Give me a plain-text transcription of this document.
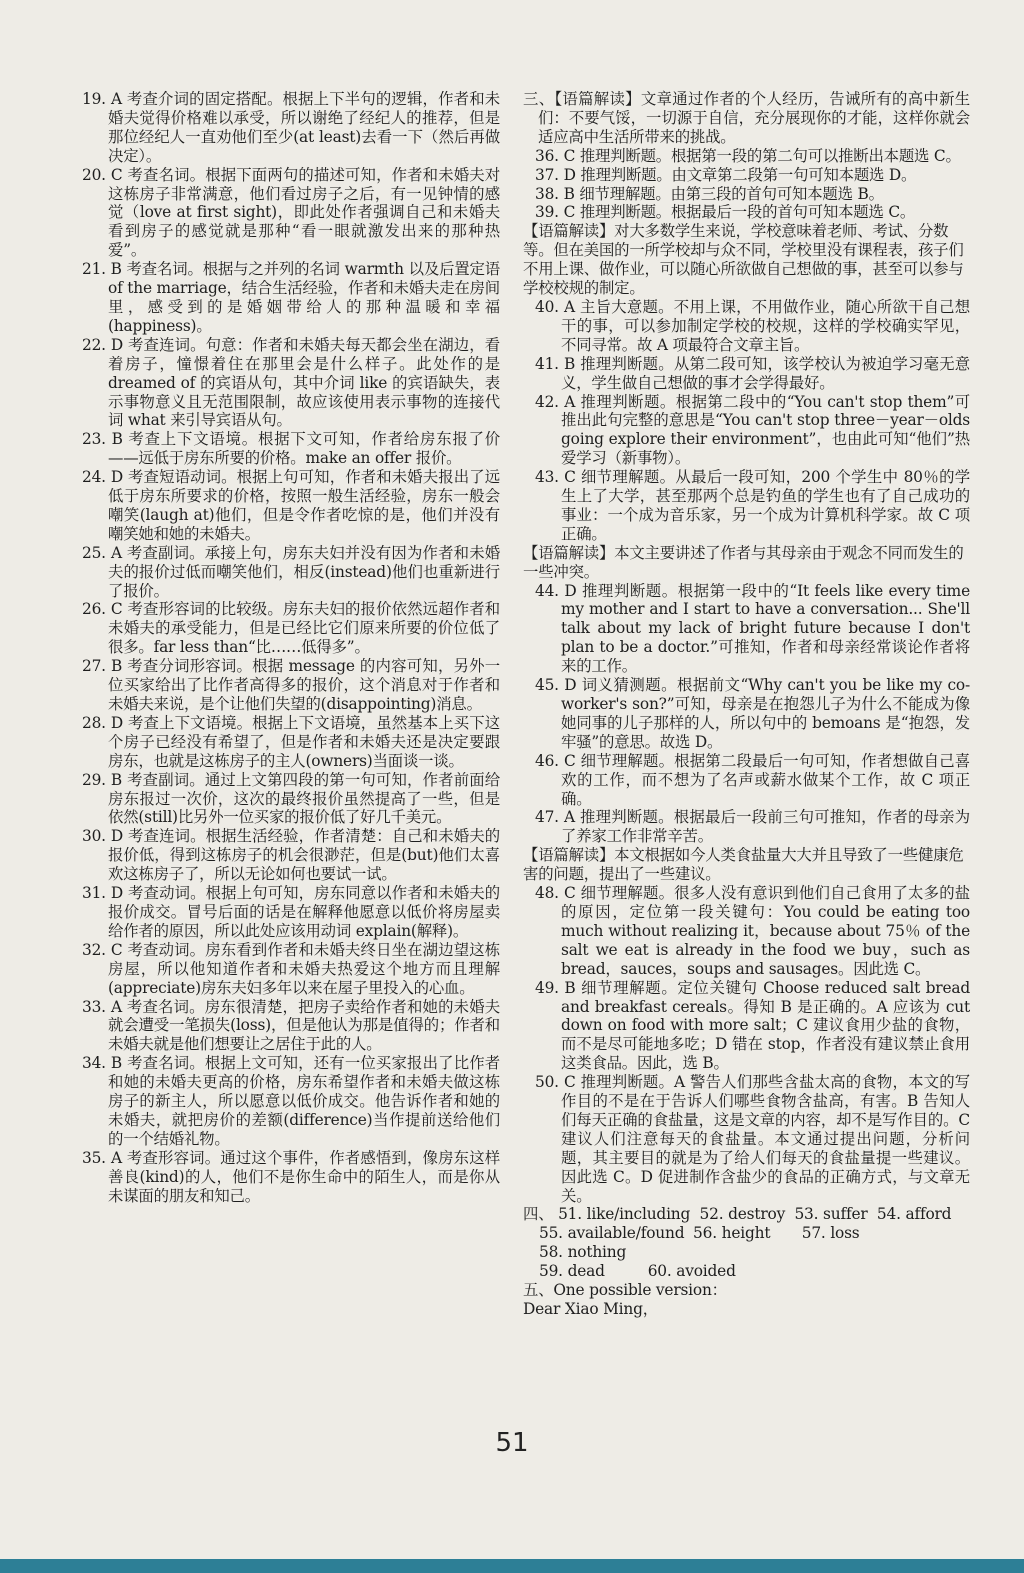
19. A 考查介词的固定搭配。根据上下半句的逻辑，作者和未婚夫觉得价格难以承受，所以谢绝了经纪人的推荐，但是那位经纪人一直劝他们至少(at least)去看一下（然后再做决定）。
20. C 考查名词。根据下面两句的描述可知，作者和未婚夫对这栋房子非常满意，他们看过房子之后，有一见钟情的感觉（love at first sight)，即此处作者强调自己和未婚夫看到房子的感觉就是那种“看一眼就激发出来的那种热爱”。
21. B 考查名词。根据与之并列的名词 warmth 以及后置定语 of the marriage，结合生活经验，作者和未婚夫走在房间里，感受到的是婚姻带给人的那种温暖和幸福(happiness)。
22. D 考查连词。句意：作者和未婚夫每天都会坐在湖边，看着房子，憧憬着住在那里会是什么样子。此处作的是 dreamed of 的宾语从句，其中介词 like 的宾语缺失，表示事物意义且无范围限制，故应该使用表示事物的连接代词 what 来引导宾语从句。
23. B 考查上下文语境。根据下文可知，作者给房东报了价——远低于房东所要的价格。make an offer 报价。
24. D 考查短语动词。根据上句可知，作者和未婚夫报出了远低于房东所要求的价格，按照一般生活经验，房东一般会嘲笑(laugh at)他们，但是令作者吃惊的是，他们并没有嘲笑她和她的未婚夫。
25. A 考查副词。承接上句，房东夫妇并没有因为作者和未婚夫的报价过低而嘲笑他们，相反(instead)他们也重新进行了报价。
26. C 考查形容词的比较级。房东夫妇的报价依然远超作者和未婚夫的承受能力，但是已经比它们原来所要的价位低了很多。far less than“比……低得多”。
27. B 考查分词形容词。根据 message 的内容可知，另外一位买家给出了比作者高得多的报价，这个消息对于作者和未婚夫来说，是个让他们失望的(disappointing)消息。
28. D 考查上下文语境。根据上下文语境，虽然基本上买下这个房子已经没有希望了，但是作者和未婚夫还是决定要跟房东，也就是这栋房子的主人(owners)当面谈一谈。
29. B 考查副词。通过上文第四段的第一句可知，作者前面给房东报过一次价，这次的最终报价虽然提高了一些，但是依然(still)比另外一位买家的报价低了好几千美元。
30. D 考查连词。根据生活经验，作者清楚：自己和未婚夫的报价低，得到这栋房子的机会很渺茫，但是(but)他们太喜欢这栋房子了，所以无论如何也要试一试。
31. D 考查动词。根据上句可知，房东同意以作者和未婚夫的报价成交。冒号后面的话是在解释他愿意以低价将房屋卖给作者的原因，所以此处应该用动词 explain(解释)。
32. C 考查动词。房东看到作者和未婚夫终日坐在湖边望这栋房屋，所以他知道作者和未婚夫热爱这个地方而且理解(appreciate)房东夫妇多年以来在屋子里投入的心血。
33. A 考查名词。房东很清楚，把房子卖给作者和她的未婚夫就会遭受一笔损失(loss)，但是他认为那是值得的；作者和未婚夫就是他们想要让之居住于此的人。
34. B 考查名词。根据上文可知，还有一位买家报出了比作者和她的未婚夫更高的价格，房东希望作者和未婚夫做这栋房子的新主人，所以愿意以低价成交。他告诉作者和她的未婚夫，就把房价的差额(difference)当作提前送给他们的一个结婚礼物。
35. A 考查形容词。通过这个事件，作者感悟到，像房东这样善良(kind)的人，他们不是你生命中的陌生人，而是你从未谋面的朋友和知己。
三、【语篇解读】文章通过作者的个人经历，告诫所有的高中新生们：不要气馁，一切源于自信，充分展现你的才能，这样你就会适应高中生活所带来的挑战。
36. C 推理判断题。根据第一段的第二句可以推断出本题选 C。
37. D 推理判断题。由文章第二段第一句可知本题选 D。
38. B 细节理解题。由第三段的首句可知本题选 B。
39. C 推理判断题。根据最后一段的首句可知本题选 C。
【语篇解读】对大多数学生来说，学校意味着老师、考试、分数等。但在美国的一所学校却与众不同，学校里没有课程表，孩子们不用上课、做作业，可以随心所欲做自己想做的事，甚至可以参与学校校规的制定。
40. A 主旨大意题。不用上课，不用做作业，随心所欲干自己想干的事，可以参加制定学校的校规，这样的学校确实罕见，不同寻常。故 A 项最符合文章主旨。
41. B 推理判断题。从第二段可知，该学校认为被迫学习毫无意义，学生做自己想做的事才会学得最好。
42. A 推理判断题。根据第二段中的“You can't stop them”可推出此句完整的意思是“You can't stop three－year－olds going explore their environment”，也由此可知“他们”热爱学习（新事物）。
43. C 细节理解题。从最后一段可知，200 个学生中 80％的学生上了大学，甚至那两个总是钓鱼的学生也有了自己成功的事业：一个成为音乐家，另一个成为计算机科学家。故 C 项正确。
【语篇解读】本文主要讲述了作者与其母亲由于观念不同而发生的一些冲突。
44. D 推理判断题。根据第一段中的“It feels like every time my mother and I start to have a conversation... She'll talk about my lack of bright future because I don't plan to be a doctor.”可推知，作者和母亲经常谈论作者将来的工作。
45. D 词义猜测题。根据前文“Why can't you be like my co-worker's son?”可知，母亲是在抱怨儿子为什么不能成为像她同事的儿子那样的人，所以句中的 bemoans 是“抱怨，发牢骚”的意思。故选 D。
46. C 细节理解题。根据第二段最后一句可知，作者想做自己喜欢的工作，而不想为了名声或薪水做某个工作，故 C 项正确。
47. A 推理判断题。根据最后一段前三句可推知，作者的母亲为了养家工作非常辛苦。
【语篇解读】本文根据如今人类食盐量大大并且导致了一些健康危害的问题，提出了一些建议。
48. C 细节理解题。很多人没有意识到他们自己食用了太多的盐的原因，定位第一段关键句：You could be eating too much without realizing it，because about 75％ of the salt we eat is already in the food we buy，such as bread，sauces，soups and sausages。因此选 C。
49. B 细节理解题。定位关键句 Choose reduced salt bread and breakfast cereals。得知 B 是正确的。A 应该为 cut down on food with more salt；C 建议食用少盐的食物，而不是尽可能地多吃；D 错在 stop，作者没有建议禁止食用这类食品。因此，选 B。
50. C 推理判断题。A 警告人们那些含盐太高的食物，本文的写作目的不是在于告诉人们哪些食物含盐高，有害。B 告知人们每天正确的食盐量，这是文章的内容，却不是写作目的。C 建议人们注意每天的食盐量。本文通过提出问题，分析问题，其主要目的就是为了给人们每天的食盐量提一些建议。因此选 C。D 促进制作含盐少的食品的正确方式，与文章无关。
四、 51. like/including 52. destroy 53. suffer 54. afford
55. available/found 56. height 57. loss 58. nothing
59. dead	60. avoided
五、One possible version：
Dear Xiao Ming，
51
